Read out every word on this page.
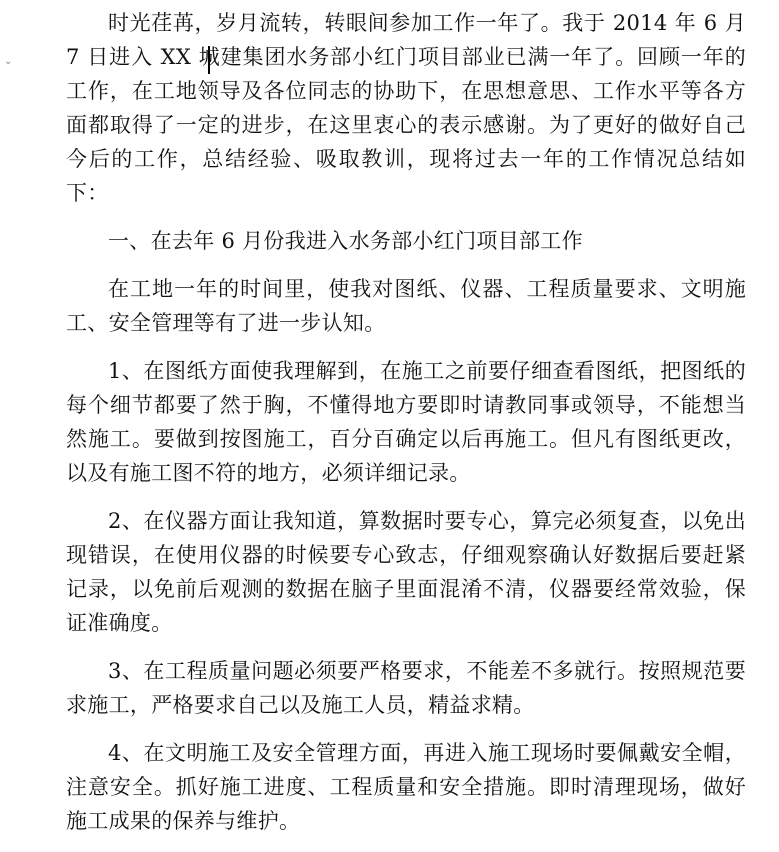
⌄

时光荏苒，岁月流转，转眼间参加工作一年了。我于 2014 年 6 月 7 日进入 XX 城建集团水务部小红门项目部业已满一年了。回顾一年的工作，在工地领导及各位同志的协助下，在思想意思、工作水平等各方面都取得了一定的进步，在这里衷心的表示感谢。为了更好的做好自己今后的工作，总结经验、吸取教训，现将过去一年的工作情况总结如下：

一、在去年 6 月份我进入水务部小红门项目部工作

在工地一年的时间里，使我对图纸、仪器、工程质量要求、文明施工、安全管理等有了进一步认知。

1、在图纸方面使我理解到，在施工之前要仔细查看图纸，把图纸的每个细节都要了然于胸，不懂得地方要即时请教同事或领导，不能想当然施工。要做到按图施工，百分百确定以后再施工。但凡有图纸更改，以及有施工图不符的地方，必须详细记录。

2、在仪器方面让我知道，算数据时要专心，算完必须复查，以免出现错误，在使用仪器的时候要专心致志，仔细观察确认好数据后要赶紧记录，以免前后观测的数据在脑子里面混淆不清，仪器要经常效验，保证准确度。

3、在工程质量问题必须要严格要求，不能差不多就行。按照规范要求施工，严格要求自己以及施工人员，精益求精。

4、在文明施工及安全管理方面，再进入施工现场时要佩戴安全帽，注意安全。抓好施工进度、工程质量和安全措施。即时清理现场，做好施工成果的保养与维护。
